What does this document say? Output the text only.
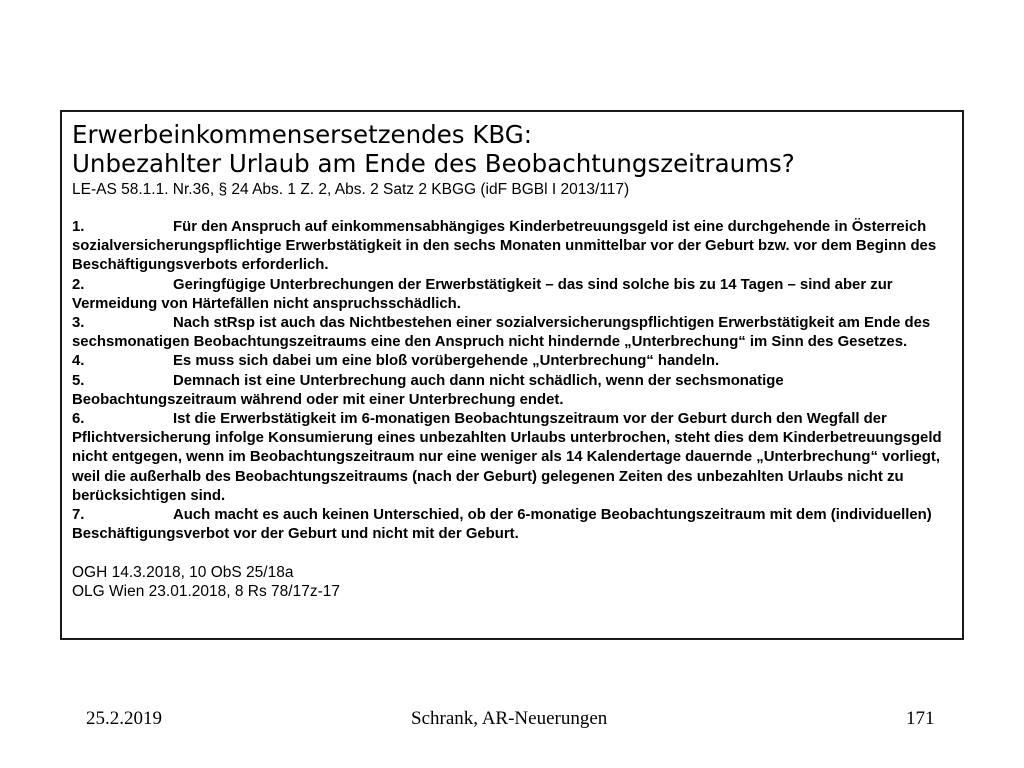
Erwerbeinkommensersetzendes KBG:

Unbezahlter Urlaub am Ende des Beobachtungszeitraums?

LE-AS 58.1.1. Nr.36, § 24 Abs. 1 Z. 2, Abs. 2 Satz 2 KBGG (idF BGBl I 2013/117)

1.	Für den Anspruch auf einkommensabhängiges Kinderbetreuungsgeld ist eine durchgehende in Österreich sozialversicherungspflichtige Erwerbstätigkeit in den sechs Monaten unmittelbar vor der Geburt bzw. vor dem Beginn des Beschäftigungsverbots erforderlich.

2.	Geringfügige Unterbrechungen der Erwerbstätigkeit – das sind solche bis zu 14 Tagen – sind aber zur Vermeidung von Härtefällen nicht anspruchsschädlich.

3.	Nach stRsp ist auch das Nichtbestehen einer sozialversicherungspflichtigen Erwerbstätigkeit am Ende des sechsmonatigen Beobachtungszeitraums eine den Anspruch nicht hindernde „Unterbrechung“ im Sinn des Gesetzes.

4.	Es muss sich dabei um eine bloß vorübergehende „Unterbrechung“ handeln.

5.	Demnach ist eine Unterbrechung auch dann nicht schädlich, wenn der sechsmonatige Beobachtungszeitraum während oder mit einer Unterbrechung endet.

6.	Ist die Erwerbstätigkeit im 6-monatigen Beobachtungszeitraum vor der Geburt durch den Wegfall der Pflichtversicherung infolge Konsumierung eines unbezahlten Urlaubs unterbrochen, steht dies dem Kinderbetreuungsgeld nicht entgegen, wenn im Beobachtungszeitraum nur eine weniger als 14 Kalendertage dauernde „Unterbrechung“ vorliegt, weil die außerhalb des Beobachtungszeitraums (nach der Geburt) gelegenen Zeiten des unbezahlten Urlaubs nicht zu berücksichtigen sind.

7.	Auch macht es auch keinen Unterschied, ob der 6-monatige Beobachtungszeitraum mit dem (individuellen) Beschäftigungsverbot vor der Geburt und nicht mit der Geburt.

OGH 14.3.2018, 10 ObS 25/18a

OLG Wien 23.01.2018, 8 Rs 78/17z-17

25.2.2019	Schrank, AR-Neuerungen	171
